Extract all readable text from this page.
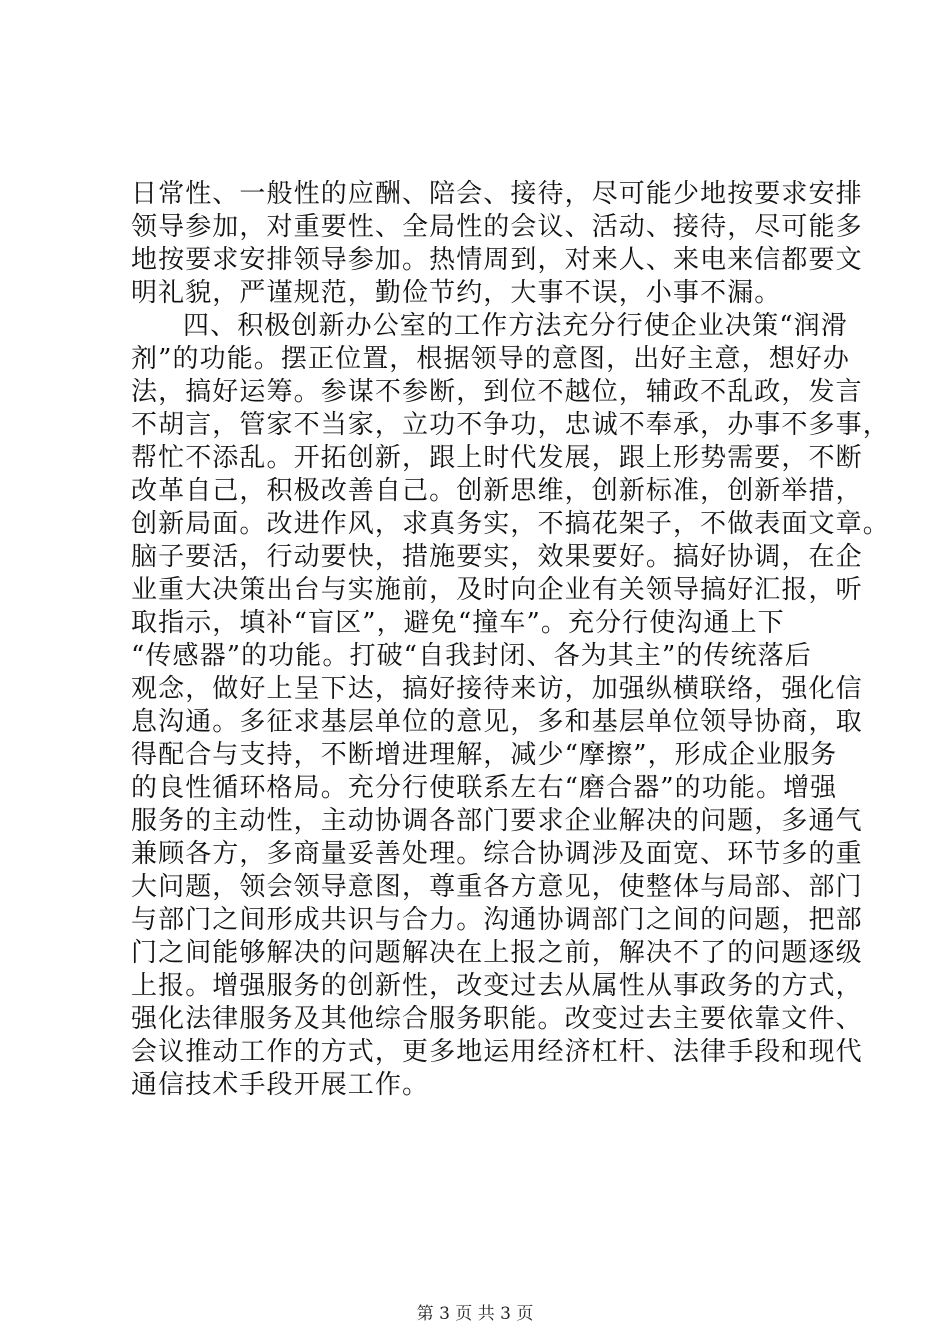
日常性、一般性的应酬、陪会、接待，尽可能少地按要求安排
领导参加，对重要性、全局性的会议、活动、接待，尽可能多
地按要求安排领导参加。热情周到，对来人、来电来信都要文
明礼貌，严谨规范，勤俭节约，大事不误，小事不漏。
四、积极创新办公室的工作方法充分行使企业决策“润滑
剂”的功能。摆正位置，根据领导的意图，出好主意，想好办
法，搞好运筹。参谋不参断，到位不越位，辅政不乱政，发言
不胡言，管家不当家，立功不争功，忠诚不奉承，办事不多事，
帮忙不添乱。开拓创新，跟上时代发展，跟上形势需要，不断
改革自己，积极改善自己。创新思维，创新标准，创新举措，
创新局面。改进作风，求真务实，不搞花架子，不做表面文章。
脑子要活，行动要快，措施要实，效果要好。搞好协调，在企
业重大决策出台与实施前，及时向企业有关领导搞好汇报，听
取指示，填补“盲区”，避免“撞车”。充分行使沟通上下
“传感器”的功能。打破“自我封闭、各为其主”的传统落后
观念，做好上呈下达，搞好接待来访，加强纵横联络，强化信
息沟通。多征求基层单位的意见，多和基层单位领导协商，取
得配合与支持，不断增进理解，减少“摩擦”，形成企业服务
的良性循环格局。充分行使联系左右“磨合器”的功能。增强
服务的主动性，主动协调各部门要求企业解决的问题，多通气
兼顾各方，多商量妥善处理。综合协调涉及面宽、环节多的重
大问题，领会领导意图，尊重各方意见，使整体与局部、部门
与部门之间形成共识与合力。沟通协调部门之间的问题，把部
门之间能够解决的问题解决在上报之前，解决不了的问题逐级
上报。增强服务的创新性，改变过去从属性从事政务的方式，
强化法律服务及其他综合服务职能。改变过去主要依靠文件、
会议推动工作的方式，更多地运用经济杠杆、法律手段和现代
通信技术手段开展工作。
第 3 页 共 3 页
